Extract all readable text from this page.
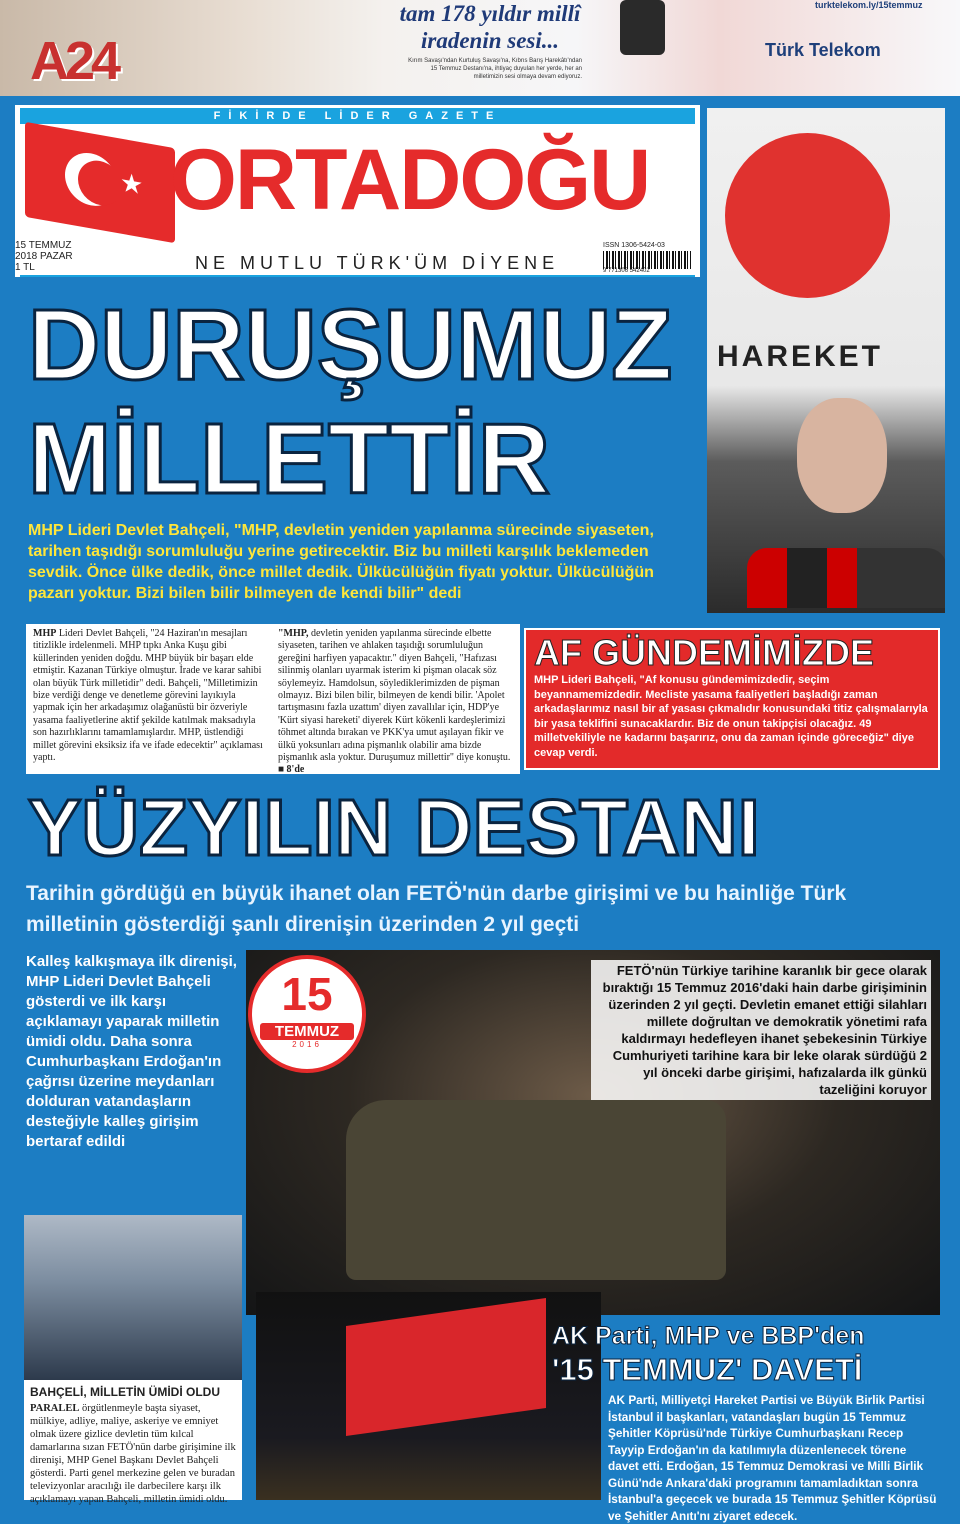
A24
tam 178 yıldır millî iradenin sesi...
Kırım Savaşı'ndan Kurtuluş Savaşı'na, Kıbrıs Barış Harekâtı'ndan 15 Temmuz Destanı'na, ihtiyaç duyulan her yerde, her an milletimizin sesi olmaya devam ediyoruz.
turktelekom.ly/15temmuz
Türk Telekom
FİKİRDE LİDER GAZETE
★ ORTADOĞU
15 TEMMUZ
2018 PAZAR
1 TL	NE MUTLU TÜRK'ÜM DİYENE
ISSN 1306-5424-03
9 771306 542402
HAREKET
DURUŞUMUZ
MİLLETTİR
MHP Lideri Devlet Bahçeli, "MHP, devletin yeniden yapılanma sürecinde siyaseten, tarihen taşıdığı sorumluluğu yerine getirecektir. Biz bu milleti karşılık beklemeden sevdik. Önce ülke dedik, önce millet dedik. Ülkücülüğün fiyatı yoktur. Ülkücülüğün pazarı yoktur. Bizi bilen bilir bilmeyen de kendi bilir" dedi

MHP Lideri Devlet Bahçeli, "24 Haziran'ın mesajları titizlikle irdelenmeli. MHP tıpkı Anka Kuşu gibi küllerinden yeniden doğdu. MHP büyük bir başarı elde etmiştir. Kazanan Türkiye olmuştur. İrade ve karar sahibi olan büyük Türk milletidir" dedi. Bahçeli, "Milletimizin bize verdiği denge ve denetleme görevini layıkıyla yapmak için her arkadaşımız olağanüstü bir özveriyle yasama faaliyetlerine aktif şekilde katılmak maksadıyla son hazırlıklarını tamamlamışlardır. MHP, üstlendiği millet görevini eksiksiz ifa ve ifade edecektir" açıklaması yaptı.

"MHP, devletin yeniden yapılanma sürecinde elbette siyaseten, tarihen ve ahlaken taşıdığı sorumluluğun gereğini harfiyen yapacaktır." diyen Bahçeli, "Hafızası silinmiş olanları uyarmak isterim ki pişman olacak söz söylemeyiz. Hamdolsun, söylediklerimizden de pişman olmayız. Bizi bilen bilir, bilmeyen de kendi bilir. 'Apolet tartışmasını fazla uzattım' diyen zavallılar için, HDP'ye 'Kürt siyasi hareketi' diyerek Kürt kökenli kardeşlerimizi töhmet altında bırakan ve PKK'ya umut aşılayan fikir ve ülkü yoksunları adına pişmanlık olabilir ama bizde pişmanlık asla yoktur. Duruşumuz millettir" diye konuştu. ■ 8'de

AF GÜNDEMİMİZDE

MHP Lideri Bahçeli, "Af konusu gündemimizdedir, seçim beyannamemizdedir. Mecliste yasama faaliyetleri başladığı zaman arkadaşlarımız nasıl bir af yasası çıkmalıdır konusundaki titiz çalışmalarıyla bir yasa teklifini sunacaklardır. Biz de onun takipçisi olacağız. 49 milletvekiliyle ne kadarını başarırız, onu da zaman içinde göreceğiz" diye cevap verdi.

YÜZYILIN DESTANI
Tarihin gördüğü en büyük ihanet olan FETÖ'nün darbe girişimi ve bu hainliğe Türk milletinin gösterdiği şanlı direnişin üzerinden 2 yıl geçti
Kalleş kalkışmaya ilk direnişi, MHP Lideri Devlet Bahçeli gösterdi ve ilk karşı açıklamayı yaparak milletin ümidi oldu. Daha sonra Cumhurbaşkanı Erdoğan'ın çağrısı üzerine meydanları dolduran vatandaşların desteğiyle kalleş girişim bertaraf edildi
BAHÇELİ, MİLLETİN ÜMİDİ OLDU

PARALEL örgütlenmeyle başta siyaset, mülkiye, adliye, maliye, askeriye ve emniyet olmak üzere gizlice devletin tüm kılcal damarlarına sızan FETÖ'nün darbe girişimine ilk direnişi, MHP Genel Başkanı Devlet Bahçeli gösterdi. Parti genel merkezine gelen ve buradan televizyonlar aracılığı ile darbecilere karşı ilk açıklamayı yapan Bahçeli, milletin ümidi oldu.

15
TEMMUZ
2016
FETÖ'nün Türkiye tarihine karanlık bir gece olarak bıraktığı 15 Temmuz 2016'daki hain darbe girişiminin üzerinden 2 yıl geçti. Devletin emanet ettiği silahları millete doğrultan ve demokratik yönetimi rafa kaldırmayı hedefleyen ihanet şebekesinin Türkiye Cumhuriyeti tarihine kara bir leke olarak sürdüğü 2 yıl önceki darbe girişimi, hafızalarda ilk günkü tazeliğini koruyor
AK Parti, MHP ve BBP'den
'15 TEMMUZ' DAVETİ
AK Parti, Milliyetçi Hareket Partisi ve Büyük Birlik Partisi İstanbul il başkanları, vatandaşları bugün 15 Temmuz Şehitler Köprüsü'nde Türkiye Cumhurbaşkanı Recep Tayyip Erdoğan'ın da katılımıyla düzenlenecek törene davet etti. Erdoğan, 15 Temmuz Demokrasi ve Milli Birlik Günü'nde Ankara'daki programını tamamladıktan sonra İstanbul'a geçecek ve burada 15 Temmuz Şehitler Köprüsü ve Şehitler Anıtı'nı ziyaret edecek.
